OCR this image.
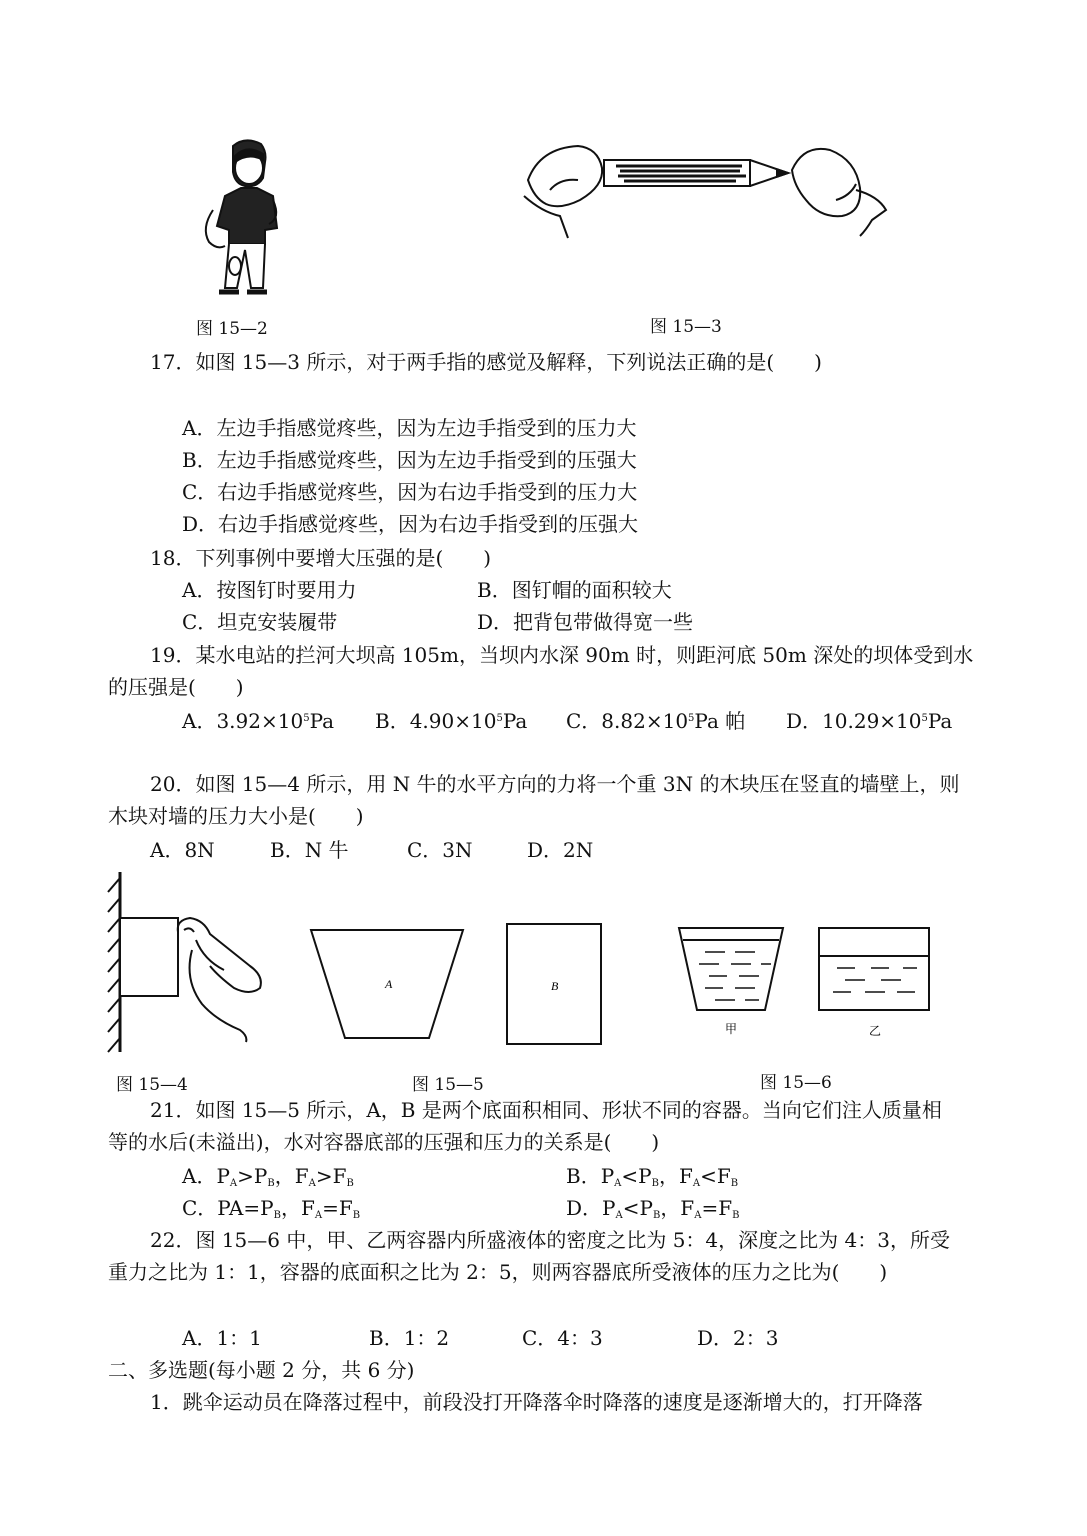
图 15—2	图 15—3
17．如图 15—3 所示，对于两手指的感觉及解释，下列说法正确的是(　　)
A．左边手指感觉疼些，因为左边手指受到的压力大
B．左边手指感觉疼些，因为左边手指受到的压强大
C．右边手指感觉疼些，因为右边手指受到的压力大
D．右边手指感觉疼些，因为右边手指受到的压强大
18．下列事例中要增大压强的是(　　)
A．按图钉时要用力	B．图钉帽的面积较大
C．坦克安装履带	D．把背包带做得宽一些
19．某水电站的拦河大坝高 105m，当坝内水深 90m 时，则距河底 50m 深处的坝体受到水
的压强是(　　)
A．$3.92\times 10^5Pa$ B．$4.90\times 10^5Pa$ C．$8.82\times 10^5Pa$ 帕 D．$10.29\times 10^5Pa$
20．如图 15—4 所示，用 N 牛的水平方向的力将一个重 3N 的木块压在竖直的墙壁上，则
木块对墙的压力大小是(　　)
A．8N	B．N 牛	C．3N	D．2N
图 15—4
A	B
图 15—5
甲	乙
图 15—6
21．如图 15—5 所示，A，B 是两个底面积相同、形状不同的容器。当向它们注人质量相
等的水后(未溢出)，水对容器底部的压强和压力的关系是(　　)
A．$P_A>P_B$，$F_A>F_B$	B．$P_A<P_B$，$F_A<F_B$
C．$PA=P_B$，$F_A=F_B$	D．$P_A<P_B$，$F_A=F_B$
22．图 15—6 中，甲、乙两容器内所盛液体的密度之比为 5：4，深度之比为 4：3，所受
重力之比为 1：1，容器的底面积之比为 2：5，则两容器底所受液体的压力之比为(　　)
A．1：1	B．1：2	C．4：3	D．2：3
二、多选题(每小题 2 分，共 6 分)
1．跳伞运动员在降落过程中，前段没打开降落伞时降落的速度是逐渐增大的，打开降落
